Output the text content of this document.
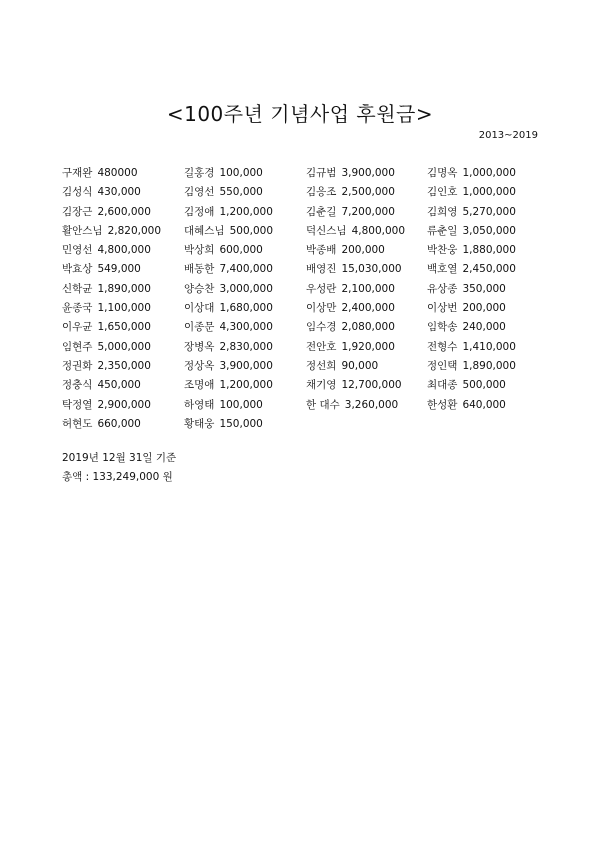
<100주년 기념사업 후원금>
2013~2019
구재완 480000	길홍경 100,000	김규범 3,900,000	김명옥 1,000,000
김성식 430,000	김영선 550,000	김응조 2,500,000	김인호 1,000,000
김장근 2,600,000	김정애 1,200,000	김춘길 7,200,000	김희영 5,270,000
활안스님 2,820,000	대혜스님 500,000	덕신스님 4,800,000	류춘일 3,050,000
민영선 4,800,000	박상희 600,000	박종배 200,000	박찬웅 1,880,000
박효상 549,000	배동한 7,400,000	배영진 15,030,000	백호열 2,450,000
신학균 1,890,000	양승찬 3,000,000	우성란 2,100,000	유상종 350,000
윤종국 1,100,000	이상대 1,680,000	이상만 2,400,000	이상번 200,000
이우균 1,650,000	이종문 4,300,000	임수경 2,080,000	임학송 240,000
임현주 5,000,000	장병옥 2,830,000	전안호 1,920,000	전형수 1,410,000
정권화 2,350,000	정상옥 3,900,000	정선희 90,000	정인택 1,890,000
정충식 450,000	조명애 1,200,000	채기영 12,700,000	최대종 500,000
탁정열 2,900,000	하영태 100,000	한 대수 3,260,000	한성환 640,000
허현도 660,000	황태웅 150,000
2019년 12월 31일 기준
총액 : 133,249,000 원
